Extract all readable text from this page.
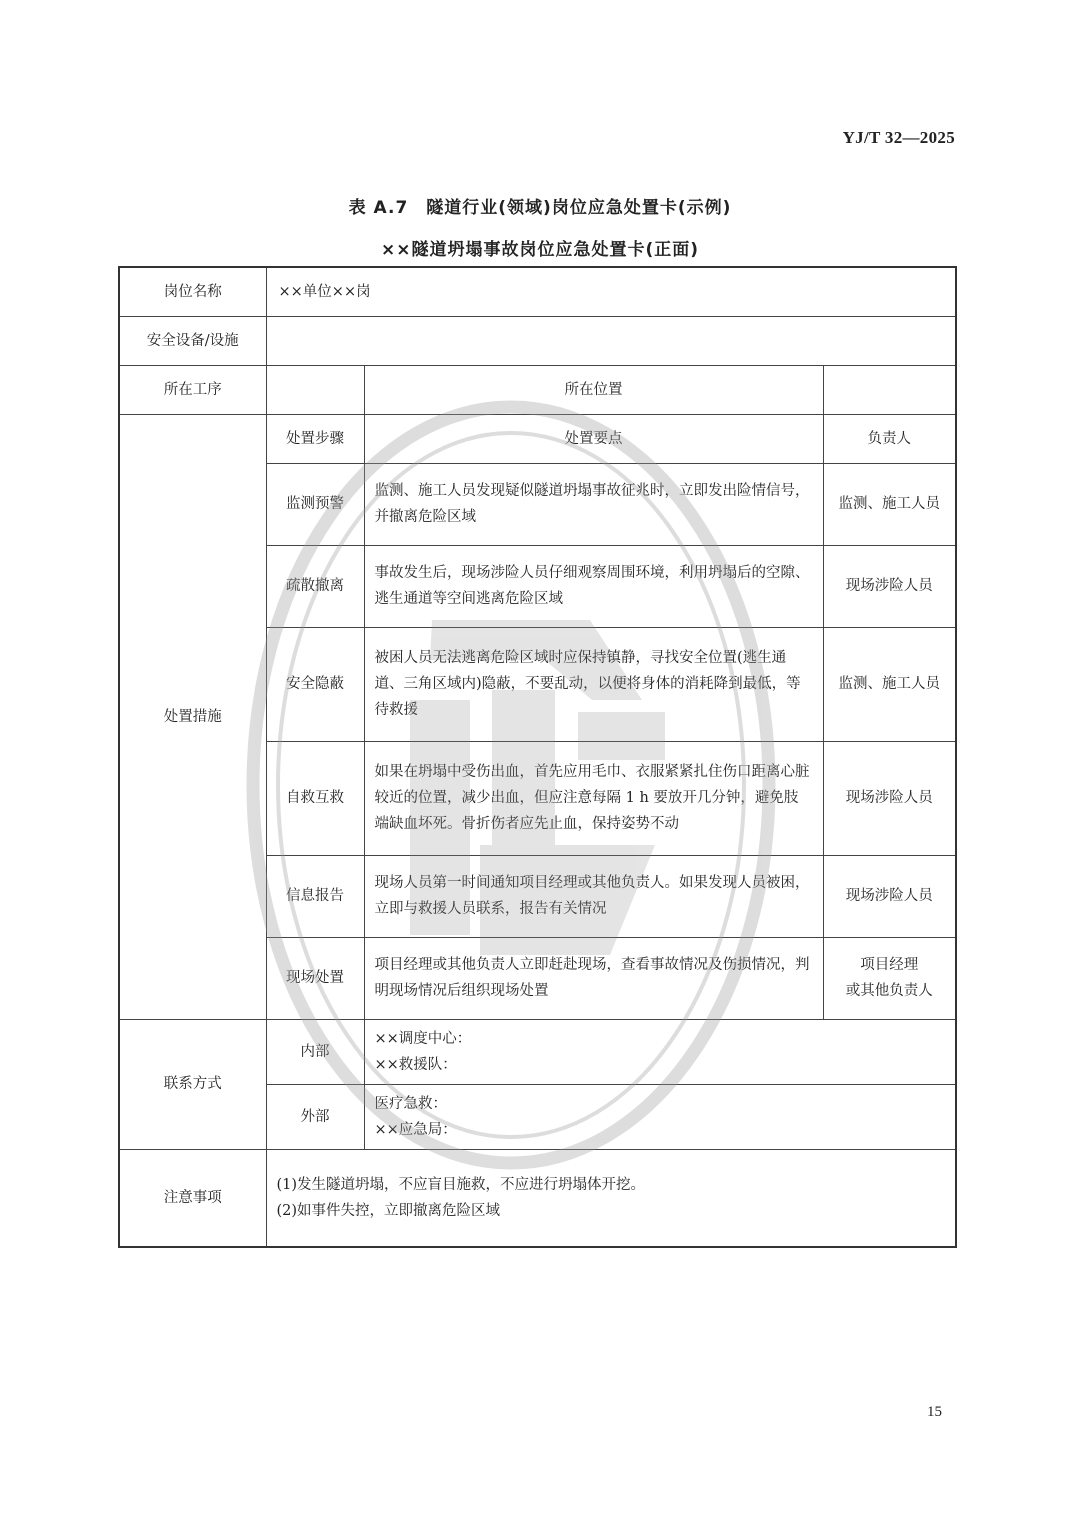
YJ/T 32—2025
表 A.7　隧道行业(领域)岗位应急处置卡(示例)
××隧道坍塌事故岗位应急处置卡(正面)
岗位名称	××单位××岗		
安全设备/设施			
所在工序		所在位置	
处置措施	处置步骤	处置要点	负责人
	监测预警	监测、施工人员发现疑似隧道坍塌事故征兆时，立即发出险情信号，并撤离危险区域	监测、施工人员
	疏散撤离	事故发生后，现场涉险人员仔细观察周围环境，利用坍塌后的空隙、逃生通道等空间逃离危险区域	现场涉险人员
	安全隐蔽	被困人员无法逃离危险区域时应保持镇静，寻找安全位置(逃生通道、三角区域内)隐蔽，不要乱动，以便将身体的消耗降到最低，等待救援	监测、施工人员
	自救互救	如果在坍塌中受伤出血，首先应用毛巾、衣服紧紧扎住伤口距离心脏较近的位置，减少出血，但应注意每隔 1 h 要放开几分钟，避免肢端缺血坏死。骨折伤者应先止血，保持姿势不动	现场涉险人员
	信息报告	现场人员第一时间通知项目经理或其他负责人。如果发现人员被困，立即与救援人员联系，报告有关情况	现场涉险人员
	现场处置	项目经理或其他负责人立即赶赴现场，查看事故情况及伤损情况，判明现场情况后组织现场处置	项目经理
或其他负责人

联系方式	内部	××调度中心：
××救援队：	

	外部	医疗急救：
××应急局：	

注意事项	(1)发生隧道坍塌，不应盲目施救，不应进行坍塌体开挖。
(2)如事件失控，立即撤离危险区域		
15
